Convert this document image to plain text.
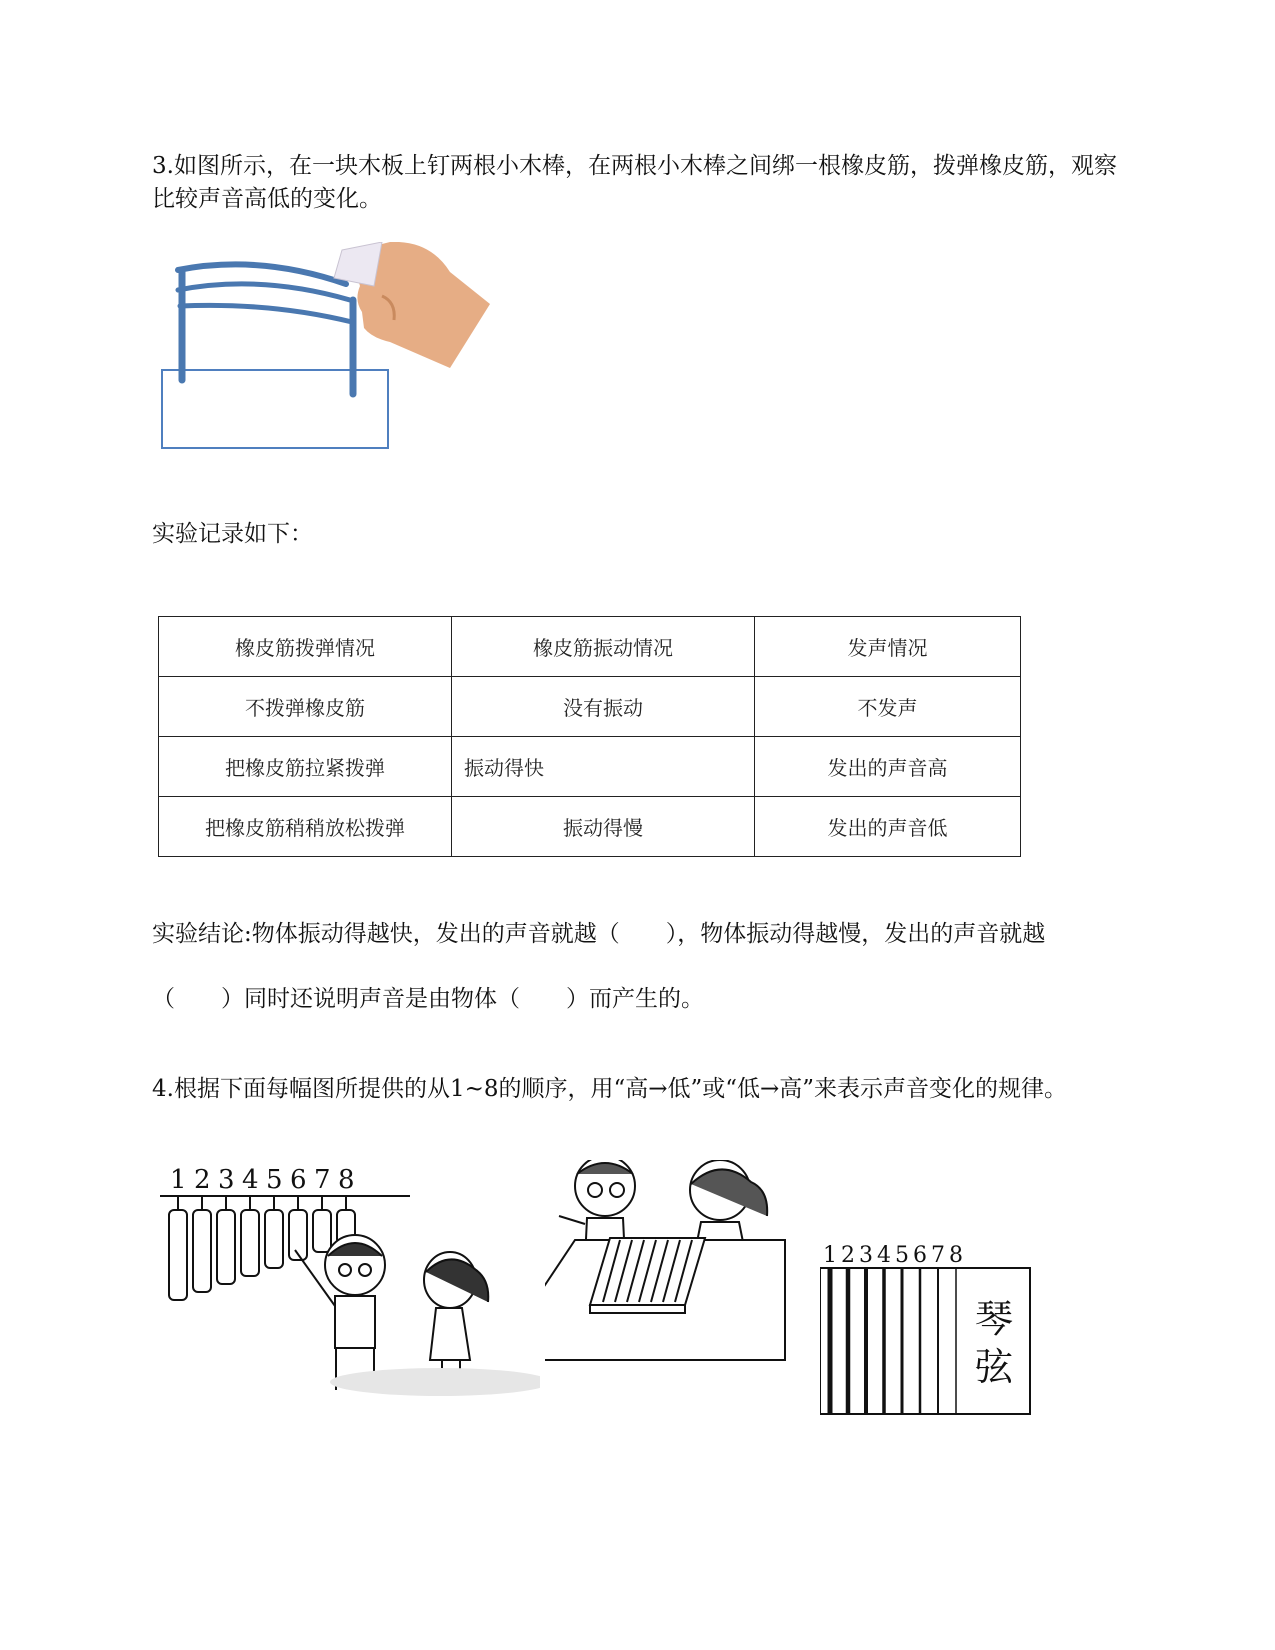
3.如图所示，在一块木板上钉两根小木棒，在两根小木棒之间绑一根橡皮筋，拨弹橡皮筋，观察比较声音高低的变化。

实验记录如下：

橡皮筋拨弹情况	橡皮筋振动情况	发声情况
不拨弹橡皮筋	没有振动	不发声
把橡皮筋拉紧拨弹	振动得快	发出的声音高
把橡皮筋稍稍放松拨弹	振动得慢	发出的声音低

实验结论:物体振动得越快，发出的声音就越（　　），物体振动得越慢，发出的声音就越

（　　）同时还说明声音是由物体（　　）而产生的。

4.根据下面每幅图所提供的从1~8的顺序，用“高→低”或“低→高”来表示声音变化的规律。

1 2 3 4 5 6 7 8
1 2 3 4 5 6 7 8
琴
弦
